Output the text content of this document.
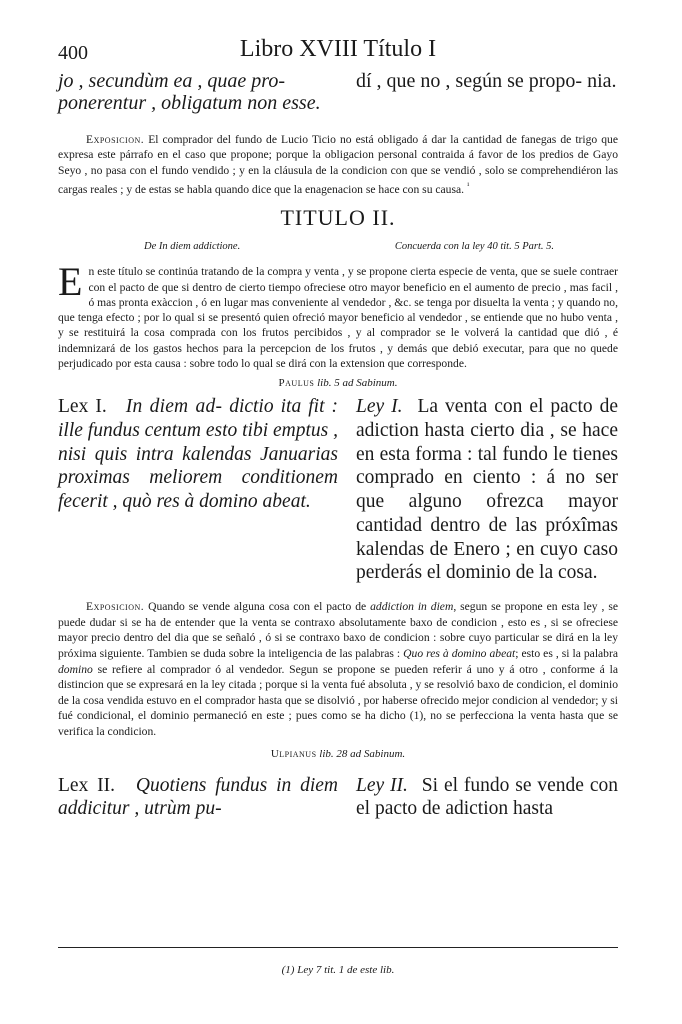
400	Libro XVIII Título I
jo , secundùm ea , quae pro- ponerentur , obligatum non esse.
dí , que no , según se propo- nia.

Exposicion. El comprador del fundo de Lucio Ticio no está obligado á dar la cantidad de fanegas de trigo que expresa este párrafo en el caso que propone; porque la obligacion personal contraida á favor de los predios de Gayo Seyo , no pasa con el fundo vendido ; y en la cláusula de la condicion con que se vendió , solo se comprehendiéron las cargas reales ; y de estas se habla quando dice que la enagenacion se hace con su causa. $^{^1}$

TITULO II.
De In diem addictione.	Concuerda con la ley 40 tit. 5 Part. 5.

E n este título se continúa tratando de la compra y venta , y se propone cierta especie de venta, que se suele contraer con el pacto de que si dentro de cierto tiempo ofreciese otro mayor beneficio en el aumento de precio , mas facil , ó mas pronta exàccion , ó en lugar mas conveniente al vendedor , &c. se tenga por disuelta la venta ; y quando no, que tenga efecto ; por lo qual si se presentó quien ofreció mayor beneficio al vendedor , se entiende que no hubo venta , y se restituirá la cosa comprada con los frutos percibidos , y al comprador se le volverá la cantidad que dió , é indemnizará de los gastos hechos para la percepcion de los frutos , y demás que debió executar, para que no quede perjudicado por esta causa : sobre todo lo qual se dirá con la extension que corresponde.

Paulus lib. 5 ad Sabinum.
Lex I. In diem ad- dictio ita fit : ille fundus centum esto tibi emptus , nisi quis intra kalendas Januarias proximas meliorem conditionem fecerit , quò res à domino abeat.
Ley I. La venta con el pacto de adiction hasta cierto dia , se hace en esta forma : tal fundo le tienes comprado en ciento : á no ser que alguno ofrezca mayor cantidad dentro de las próxîmas kalendas de Enero ; en cuyo caso perderás el dominio de la cosa.

Exposicion. Quando se vende alguna cosa con el pacto de addiction in diem, segun se propone en esta ley , se puede dudar si se ha de entender que la venta se contraxo absolutamente baxo de condicion , esto es , si se ofreciese mayor precio dentro del dia que se señaló , ó si se contraxo baxo de condicion : sobre cuyo particular se dirá en la ley próxima siguiente. Tambien se duda sobre la inteligencia de las palabras : Quo res à domino abeat; esto es , si la palabra domino se refiere al comprador ó al vendedor. Segun se propone se pueden referir á uno y á otro , conforme á la distincion que se expresará en la ley citada ; porque si la venta fué absoluta , y se resolvió baxo de condicion, el dominio de la cosa vendida estuvo en el comprador hasta que se disolvió , por haberse ofrecido mejor condicion al vendedor; y si fué condicional, el dominio permaneció en este ; pues como se ha dicho (1), no se perfecciona la venta hasta que se verifica la condicion.

Ulpianus lib. 28 ad Sabinum.
Lex II. Quotiens fundus in diem addicitur , utrùm pu-
Ley II. Si el fundo se vende con el pacto de adiction hasta
(1) Ley 7 tit. 1 de este lib.
